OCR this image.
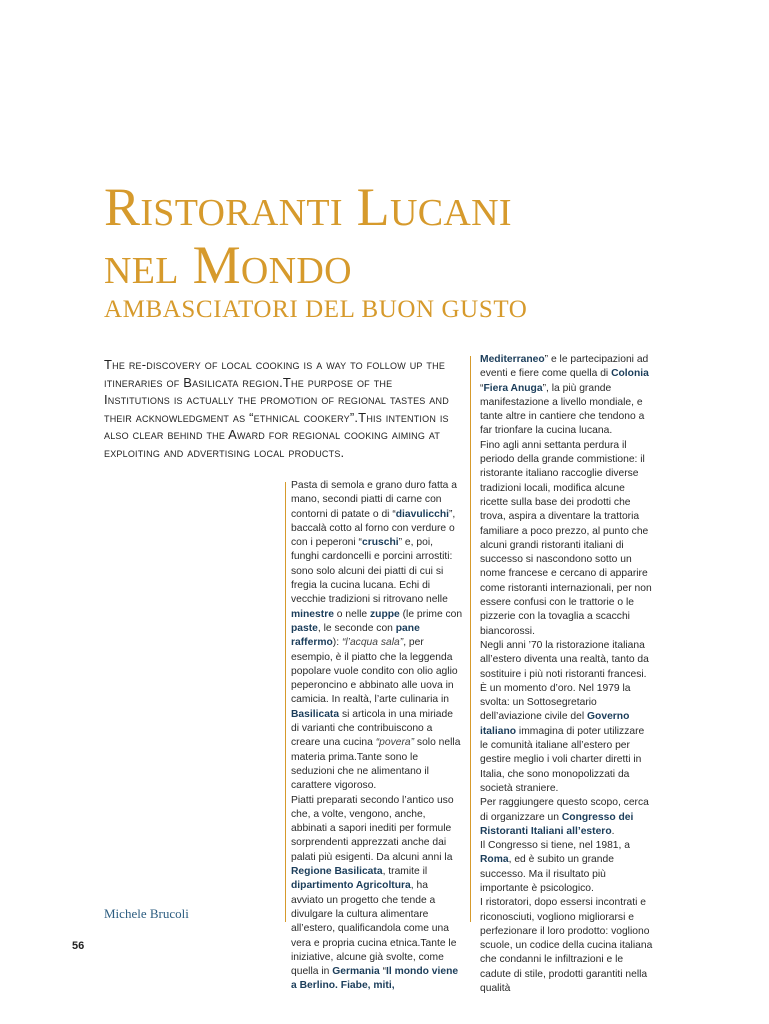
Ristoranti Lucani
nel Mondo
AMBASCIATORI DEL BUON GUSTO

The re-discovery of local cooking is a way to follow up the itineraries of Basilicata region.The purpose of the Institutions is actually the promotion of regional tastes and their acknowledgment as “ethnical cookery”.This intention is also clear behind the Award for regional cooking aiming at exploiting and advertising local products.

Pasta di semola e grano duro fatta a mano, secondi piatti di carne con contorni di patate o di “diavulicchi”, baccalà cotto al forno con verdure o con i peperoni “cruschi” e, poi, funghi cardoncelli e porcini arrostiti: sono solo alcuni dei piatti di cui si fregia la cucina lucana. Echi di vecchie tradizioni si ritrovano nelle minestre o nelle zuppe (le prime con paste, le seconde con pane raffermo): “l’acqua sala”, per esempio, è il piatto che la leggenda popolare vuole condito con olio aglio peperoncino e abbinato alle uova in camicia. In realtà, l’arte culinaria in Basilicata si articola in una miriade di varianti che contribuiscono a creare una cucina “povera” solo nella materia prima.Tante sono le seduzioni che ne alimentano il carattere vigoroso.

Piatti preparati secondo l’antico uso che, a volte, vengono, anche, abbinati a sapori inediti per formule sorprendenti apprezzati anche dai palati più esigenti. Da alcuni anni la Regione Basilicata, tramite il dipartimento Agricoltura, ha avviato un progetto che tende a divulgare la cultura alimentare all’estero, qualificandola come una vera e propria cucina etnica.Tante le iniziative, alcune già svolte, come quella in Germania “Il mondo viene a Berlino. Fiabe, miti,

Mediterraneo” e le partecipazioni ad eventi e fiere come quella di Colonia “Fiera Anuga”, la più grande manifestazione a livello mondiale, e tante altre in cantiere che tendono a far trionfare la cucina lucana.

Fino agli anni settanta perdura il periodo della grande commistione: il ristorante italiano raccoglie diverse tradizioni locali, modifica alcune ricette sulla base dei prodotti che trova, aspira a diventare la trattoria familiare a poco prezzo, al punto che alcuni grandi ristoranti italiani di successo si nascondono sotto un nome francese e cercano di apparire come ristoranti internazionali, per non essere confusi con le trattorie o le pizzerie con la tovaglia a scacchi biancorossi.

Negli anni ’70 la ristorazione italiana all’estero diventa una realtà, tanto da sostituire i più noti ristoranti francesi. È un momento d’oro. Nel 1979 la svolta: un Sottosegretario dell’aviazione civile del Governo italiano immagina di poter utilizzare le comunità italiane all’estero per gestire meglio i voli charter diretti in Italia, che sono monopolizzati da società straniere.

Per raggiungere questo scopo, cerca di organizzare un Congresso dei Ristoranti Italiani all’estero.

Il Congresso si tiene, nel 1981, a Roma, ed è subito un grande successo. Ma il risultato più importante è psicologico.

I ristoratori, dopo essersi incontrati e riconosciuti, vogliono migliorarsi e perfezionare il loro prodotto: vogliono scuole, un codice della cucina italiana che condanni le infiltrazioni e le cadute di stile, prodotti garantiti nella qualità

Michele Brucoli

56
